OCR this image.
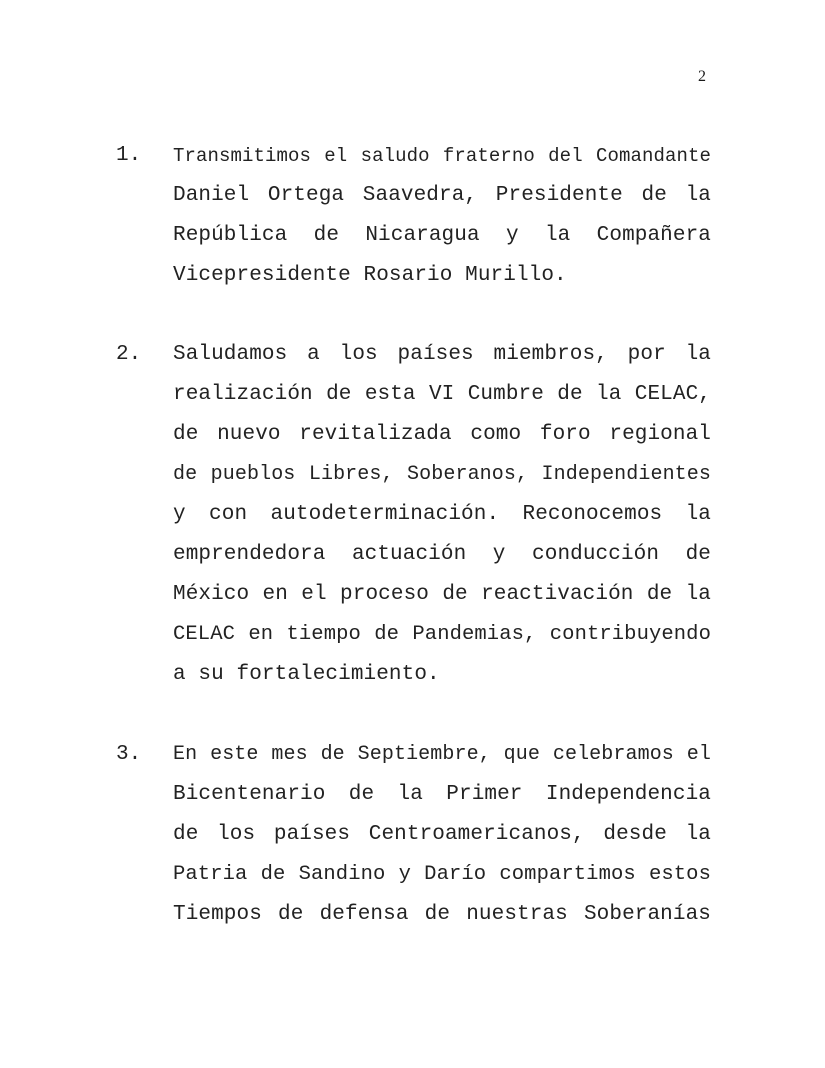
2
1. Transmitimos el saludo fraterno del Comandante
Daniel Ortega Saavedra, Presidente de la
República de Nicaragua y la Compañera
Vicepresidente Rosario Murillo.
2. Saludamos a los países miembros, por la
realización de esta VI Cumbre de la CELAC,
de nuevo revitalizada como foro regional
de pueblos Libres, Soberanos, Independientes
y con autodeterminación. Reconocemos la
emprendedora actuación y conducción de
México en el proceso de reactivación de la
CELAC en tiempo de Pandemias, contribuyendo
a su fortalecimiento.
3. En este mes de Septiembre, que celebramos el
Bicentenario de la Primer Independencia
de los países Centroamericanos, desde la
Patria de Sandino y Darío compartimos estos
Tiempos de defensa de nuestras Soberanías
